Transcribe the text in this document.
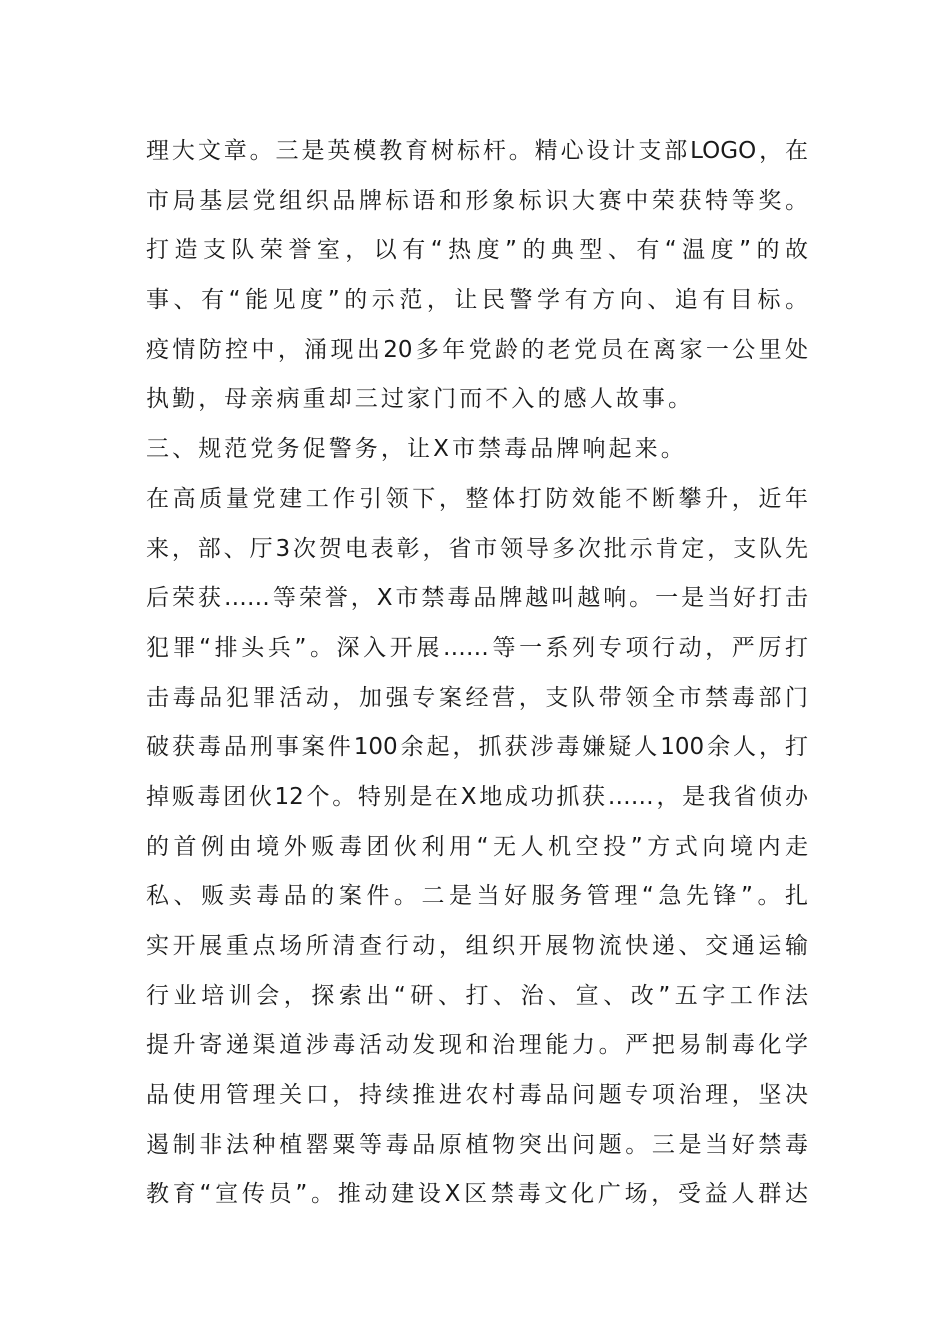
理大文章。三是英模教育树标杆。精心设计支部LOGO，在
市局基层党组织品牌标语和形象标识大赛中荣获特等奖。
打造支队荣誉室，以有“热度”的典型、有“温度”的故
事、有“能见度”的示范，让民警学有方向、追有目标。
疫情防控中，涌现出20多年党龄的老党员在离家一公里处
执勤，母亲病重却三过家门而不入的感人故事。
三、规范党务促警务，让X市禁毒品牌响起来。
在高质量党建工作引领下，整体打防效能不断攀升，近年
来，部、厅3次贺电表彰，省市领导多次批示肯定，支队先
后荣获……等荣誉，X市禁毒品牌越叫越响。一是当好打击
犯罪“排头兵”。深入开展……等一系列专项行动，严厉打
击毒品犯罪活动，加强专案经营，支队带领全市禁毒部门
破获毒品刑事案件100余起，抓获涉毒嫌疑人100余人，打
掉贩毒团伙12个。特别是在X地成功抓获……，是我省侦办
的首例由境外贩毒团伙利用“无人机空投”方式向境内走
私、贩卖毒品的案件。二是当好服务管理“急先锋”。扎
实开展重点场所清查行动，组织开展物流快递、交通运输
行业培训会，探索出“研、打、治、宣、改”五字工作法
提升寄递渠道涉毒活动发现和治理能力。严把易制毒化学
品使用管理关口，持续推进农村毒品问题专项治理，坚决
遏制非法种植罂粟等毒品原植物突出问题。三是当好禁毒
教育“宣传员”。推动建设X区禁毒文化广场，受益人群达
